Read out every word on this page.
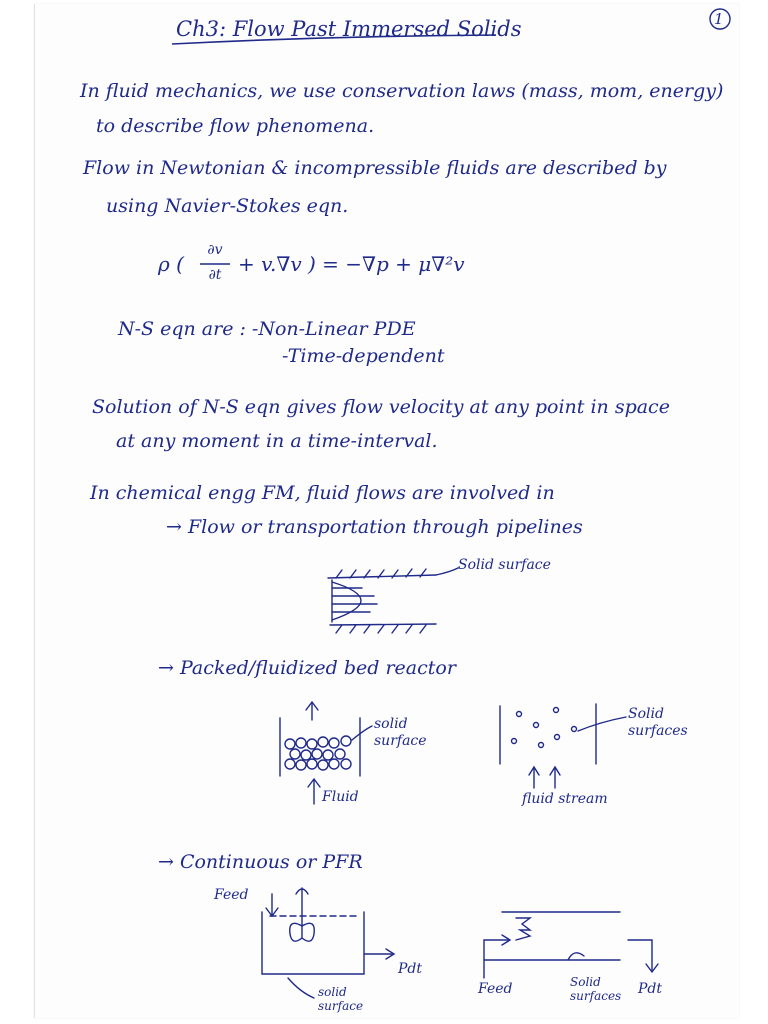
Ch3: Flow Past Immersed Solids	1
In fluid mechanics, we use conservation laws (mass, mom, energy)
to describe flow phenomena.
Flow in Newtonian & incompressible fluids are described by
using Navier-Stokes eqn.
ρ (
∂v
∂t + v.∇v ) = −∇p + μ∇²v
N-S eqn are : -Non-Linear PDE
-Time-dependent
Solution of N-S eqn gives flow velocity at any point in space
at any moment in a time-interval.
In chemical engg FM, fluid flows are involved in
→ Flow or transportation through pipelines
Solid surface
→ Packed/fluidized bed reactor
solid
surface
Fluid
Solid
surfaces
fluid stream
→ Continuous or PFR
Feed
Pdt
solid
surface
Feed	Solid
surfaces Pdt
